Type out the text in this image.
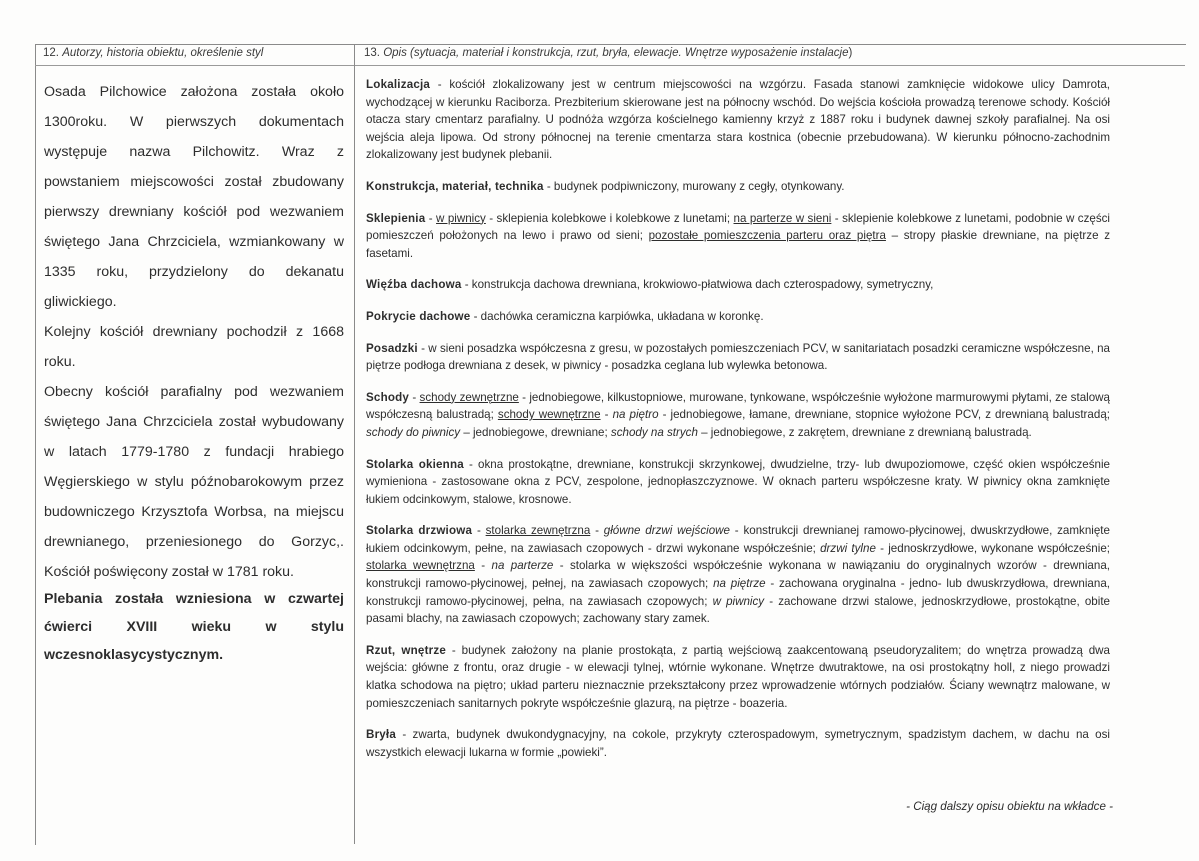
12. Autorzy, historia obiektu, określenie styl	13. Opis (sytuacja, materiał i konstrukcja, rzut, bryła, elewacje. Wnętrze wyposażenie instalacje)

Osada Pilchowice założona została około 1300roku. W pierwszych dokumentach występuje nazwa Pilchowitz. Wraz z powstaniem miejscowości został zbudowany pierwszy drewniany kościół pod wezwaniem świętego Jana Chrzciciela, wzmiankowany w 1335 roku, przydzielony do dekanatu gliwickiego.

Kolejny kościół drewniany pochodził z 1668 roku.

Obecny kościół parafialny pod wezwaniem świętego Jana Chrzciciela został wybudowany w latach 1779-1780 z fundacji hrabiego Węgierskiego w stylu późnobarokowym przez budowniczego Krzysztofa Worbsa, na miejscu drewnianego, przeniesionego do Gorzyc,. Kościół poświęcony został w 1781 roku.

Plebania została wzniesiona w czwartej ćwierci XVIII wieku w stylu wczesnoklasycystycznym.

Lokalizacja - kościół zlokalizowany jest w centrum miejscowości na wzgórzu. Fasada stanowi zamknięcie widokowe ulicy Damrota, wychodzącej w kierunku Raciborza. Prezbiterium skierowane jest na północny wschód. Do wejścia kościoła prowadzą terenowe schody. Kościół otacza stary cmentarz parafialny. U podnóża wzgórza kościelnego kamienny krzyż z 1887 roku i budynek dawnej szkoły parafialnej. Na osi wejścia aleja lipowa. Od strony północnej na terenie cmentarza stara kostnica (obecnie przebudowana). W kierunku północno-zachodnim zlokalizowany jest budynek plebanii.

Konstrukcja, materiał, technika - budynek podpiwniczony, murowany z cegły, otynkowany.

Sklepienia - w piwnicy - sklepienia kolebkowe i kolebkowe z lunetami; na parterze w sieni - sklepienie kolebkowe z lunetami, podobnie w części pomieszczeń położonych na lewo i prawo od sieni; pozostałe pomieszczenia parteru oraz piętra – stropy płaskie drewniane, na piętrze z fasetami.

Więźba dachowa - konstrukcja dachowa drewniana, krokwiowo-płatwiowa dach czterospadowy, symetryczny,

Pokrycie dachowe - dachówka ceramiczna karpiówka, układana w koronkę.

Posadzki - w sieni posadzka współczesna z gresu, w pozostałych pomieszczeniach PCV, w sanitariatach posadzki ceramiczne współczesne, na piętrze podłoga drewniana z desek, w piwnicy - posadzka ceglana lub wylewka betonowa.

Schody - schody zewnętrzne - jednobiegowe, kilkustopniowe, murowane, tynkowane, współcześnie wyłożone marmurowymi płytami, ze stalową współczesną balustradą; schody wewnętrzne - na piętro - jednobiegowe, łamane, drewniane, stopnice wyłożone PCV, z drewnianą balustradą; schody do piwnicy – jednobiegowe, drewniane; schody na strych – jednobiegowe, z zakrętem, drewniane z drewnianą balustradą.

Stolarka okienna - okna prostokątne, drewniane, konstrukcji skrzynkowej, dwudzielne, trzy- lub dwupoziomowe, część okien współcześnie wymieniona - zastosowane okna z PCV, zespolone, jednopłaszczyznowe. W oknach parteru współczesne kraty. W piwnicy okna zamknięte łukiem odcinkowym, stalowe, krosnowe.

Stolarka drzwiowa - stolarka zewnętrzna - główne drzwi wejściowe - konstrukcji drewnianej ramowo-płycinowej, dwuskrzydłowe, zamknięte łukiem odcinkowym, pełne, na zawiasach czopowych - drzwi wykonane współcześnie; drzwi tylne - jednoskrzydłowe, wykonane współcześnie; stolarka wewnętrzna - na parterze - stolarka w większości współcześnie wykonana w nawiązaniu do oryginalnych wzorów - drewniana, konstrukcji ramowo-płycinowej, pełnej, na zawiasach czopowych; na piętrze - zachowana oryginalna - jedno- lub dwuskrzydłowa, drewniana, konstrukcji ramowo-płycinowej, pełna, na zawiasach czopowych; w piwnicy - zachowane drzwi stalowe, jednoskrzydłowe, prostokątne, obite pasami blachy, na zawiasach czopowych; zachowany stary zamek.

Rzut, wnętrze - budynek założony na planie prostokąta, z partią wejściową zaakcentowaną pseudoryzalitem; do wnętrza prowadzą dwa wejścia: główne z frontu, oraz drugie - w elewacji tylnej, wtórnie wykonane. Wnętrze dwutraktowe, na osi prostokątny holl, z niego prowadzi klatka schodowa na piętro; układ parteru nieznacznie przekształcony przez wprowadzenie wtórnych podziałów. Ściany wewnątrz malowane, w pomieszczeniach sanitarnych pokryte współcześnie glazurą, na piętrze - boazeria.

Bryła - zwarta, budynek dwukondygnacyjny, na cokole, przykryty czterospadowym, symetrycznym, spadzistym dachem, w dachu na osi wszystkich elewacji lukarna w formie „powieki”.

- Ciąg dalszy opisu obiektu na wkładce -
